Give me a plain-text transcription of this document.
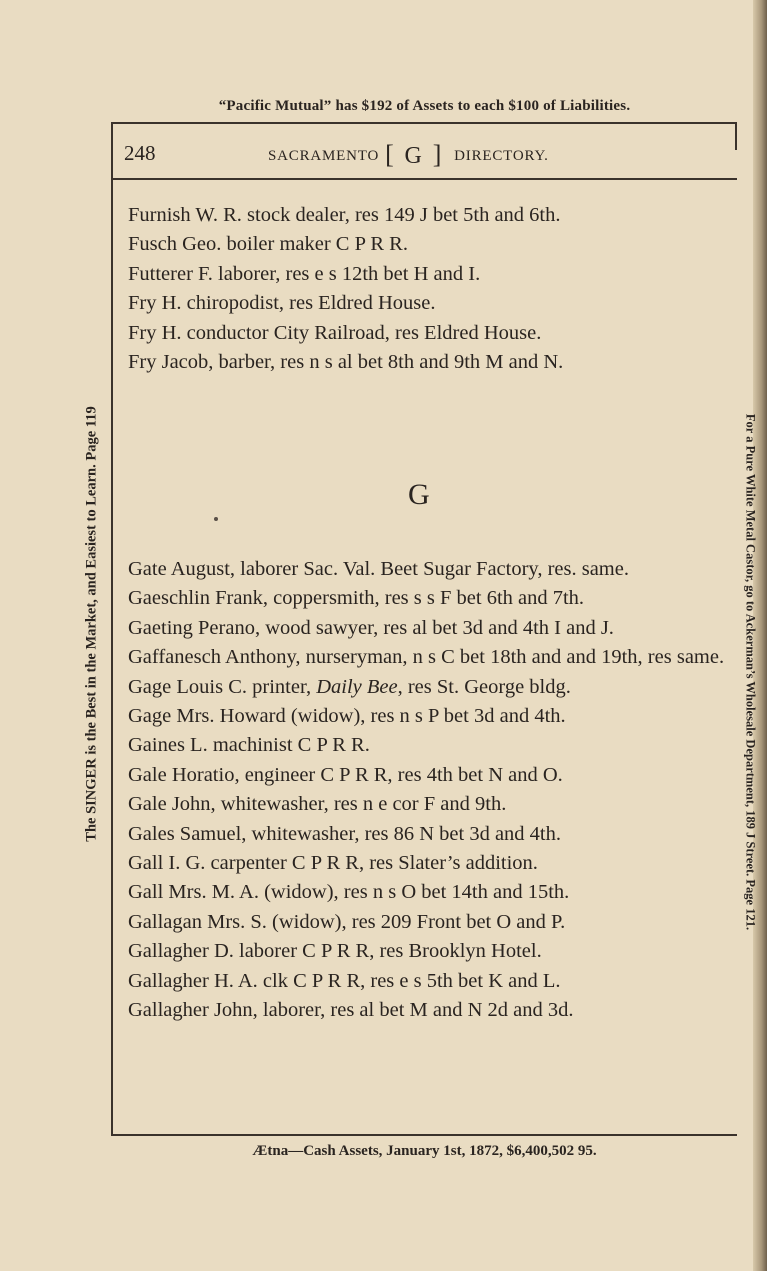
“Pacific Mutual” has $192 of Assets to each $100 of Liabilities.
248	SACRAMENTO [ G ] DIRECTORY.

Furnish W. R. stock dealer, res 149 J bet 5th and 6th.

Fusch Geo. boiler maker C P R R.

Futterer F. laborer, res e s 12th bet H and I.

Fry H. chiropodist, res Eldred House.

Fry H. conductor City Railroad, res Eldred House.

Fry Jacob, barber, res n s al bet 8th and 9th M and N.

G

Gate August, laborer Sac. Val. Beet Sugar Factory, res. same.

Gaeschlin Frank, coppersmith, res s s F bet 6th and 7th.

Gaeting Perano, wood sawyer, res al bet 3d and 4th I and J.

Gaffanesch Anthony, nurseryman, n s C bet 18th and and 19th, res same.

Gage Louis C. printer, Daily Bee, res St. George bldg.

Gage Mrs. Howard (widow), res n s P bet 3d and 4th.

Gaines L. machinist C P R R.

Gale Horatio, engineer C P R R, res 4th bet N and O.

Gale John, whitewasher, res n e cor F and 9th.

Gales Samuel, whitewasher, res 86 N bet 3d and 4th.

Gall I. G. carpenter C P R R, res Slater’s addition.

Gall Mrs. M. A. (widow), res n s O bet 14th and 15th.

Gallagan Mrs. S. (widow), res 209 Front bet O and P.

Gallagher D. laborer C P R R, res Brooklyn Hotel.

Gallagher H. A. clk C P R R, res e s 5th bet K and L.

Gallagher John, laborer, res al bet M and N 2d and 3d.

The SINGER is the Best in the Market, and Easiest to Learn. Page 119	For a Pure White Metal Castor, go to Ackerman’s Wholesale Department, 189 J Street. Page 121.
Ætna—Cash Assets, January 1st, 1872, $6,400,502 95.
